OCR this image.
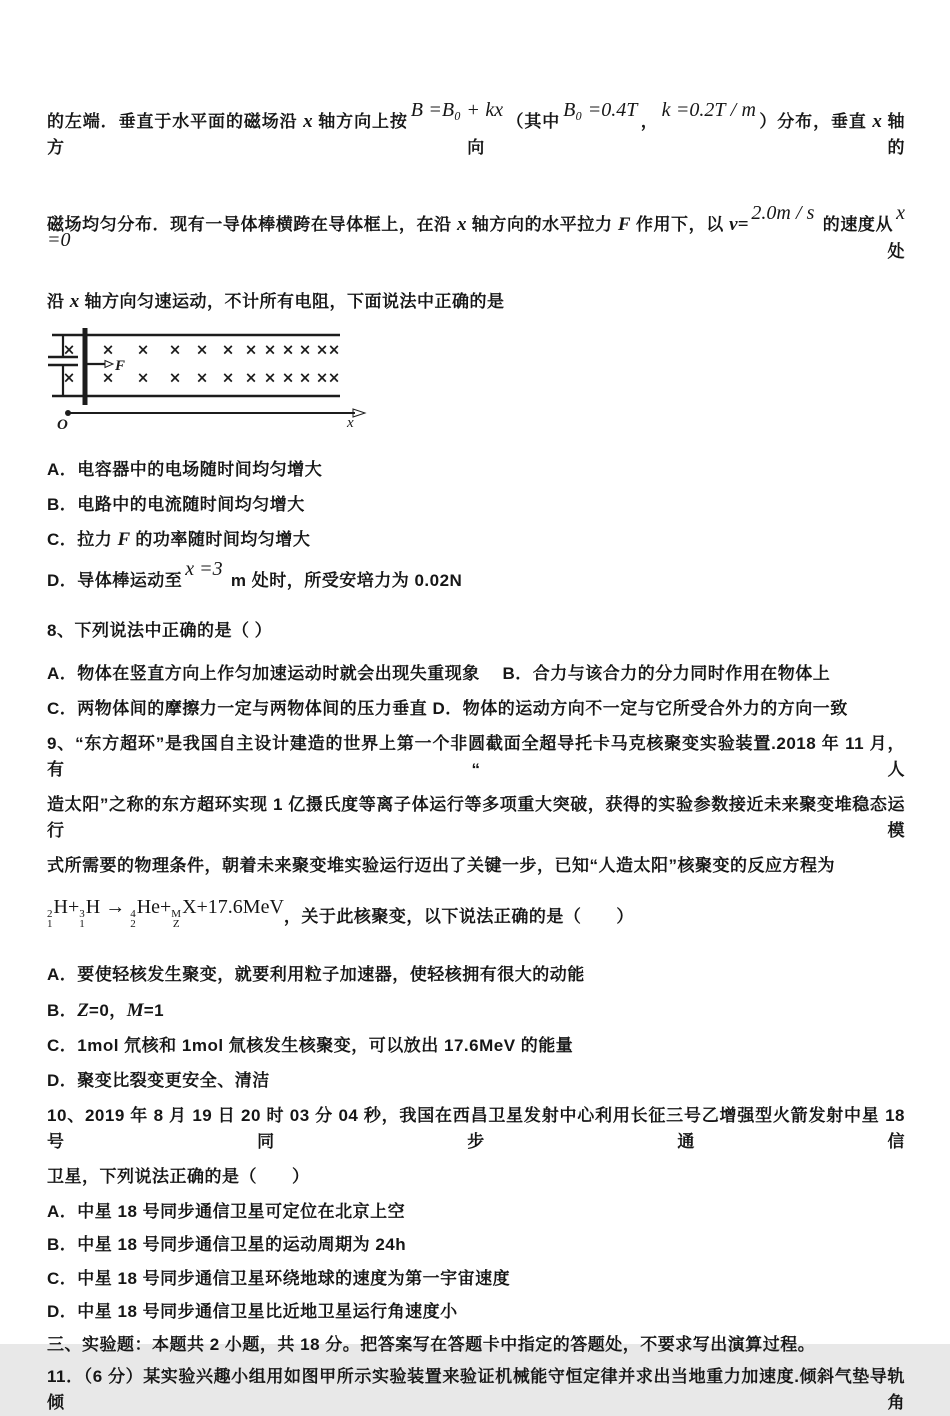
的左端．垂直于水平面的磁场沿 x 轴方向上按B =B₀ + kx（其中B₀ =0.4T，k =0.2T / m）分布，垂直 x 轴方向的
磁场均匀分布．现有一导体棒横跨在导体框上，在沿 x 轴方向的水平拉力 F 作用下，以 v=2.0m / s 的速度从x =0 处
沿 x 轴方向匀速运动，不计所有电阻，下面说法中正确的是
F
× × × × × × × × × × × ×
× × × × × × × × × × × ×
O	x
A．电容器中的电场随时间均匀增大
B．电路中的电流随时间均匀增大
C．拉力 F 的功率随时间均匀增大
D．导体棒运动至x =3 m 处时，所受安培力为 0.02N
8、下列说法中正确的是（ ）
A．物体在竖直方向上作匀加速运动时就会出现失重现象　 B．合力与该合力的分力同时作用在物体上
C．两物体间的摩擦力一定与两物体间的压力垂直 D．物体的运动方向不一定与它所受合外力的方向一致
9、“东方超环”是我国自主设计建造的世界上第一个非圆截面全超导托卡马克核聚变实验装置.2018 年 11 月，有“人
造太阳”之称的东方超环实现 1 亿摄氏度等离子体运行等多项重大突破，获得的实验参数接近未来聚变堆稳态运行模
式所需要的物理条件，朝着未来聚变堆实验运行迈出了关键一步，已知“人造太阳”核聚变的反应方程为
2
1
H+ 3
1
H → 4
2
He+ M
Z
X+17.6MeV，关于此核聚变，以下说法正确的是（　　）
A．要使轻核发生聚变，就要利用粒子加速器，使轻核拥有很大的动能
B．Z=0，M=1
C．1mol 氘核和 1mol 氚核发生核聚变，可以放出 17.6MeV 的能量
D．聚变比裂变更安全、清洁
10、2019 年 8 月 19 日 20 时 03 分 04 秒，我国在西昌卫星发射中心利用长征三号乙增强型火箭发射中星 18 号同步通信
卫星，下列说法正确的是（　　）
A．中星 18 号同步通信卫星可定位在北京上空
B．中星 18 号同步通信卫星的运动周期为 24h
C．中星 18 号同步通信卫星环绕地球的速度为第一宇宙速度
D．中星 18 号同步通信卫星比近地卫星运行角速度小
三、实验题：本题共 2 小题，共 18 分。把答案写在答题卡中指定的答题处，不要求写出演算过程。
11．（6 分）某实验兴趣小组用如图甲所示实验装置来验证机械能守恒定律并求出当地重力加速度.倾斜气垫导轨倾角
